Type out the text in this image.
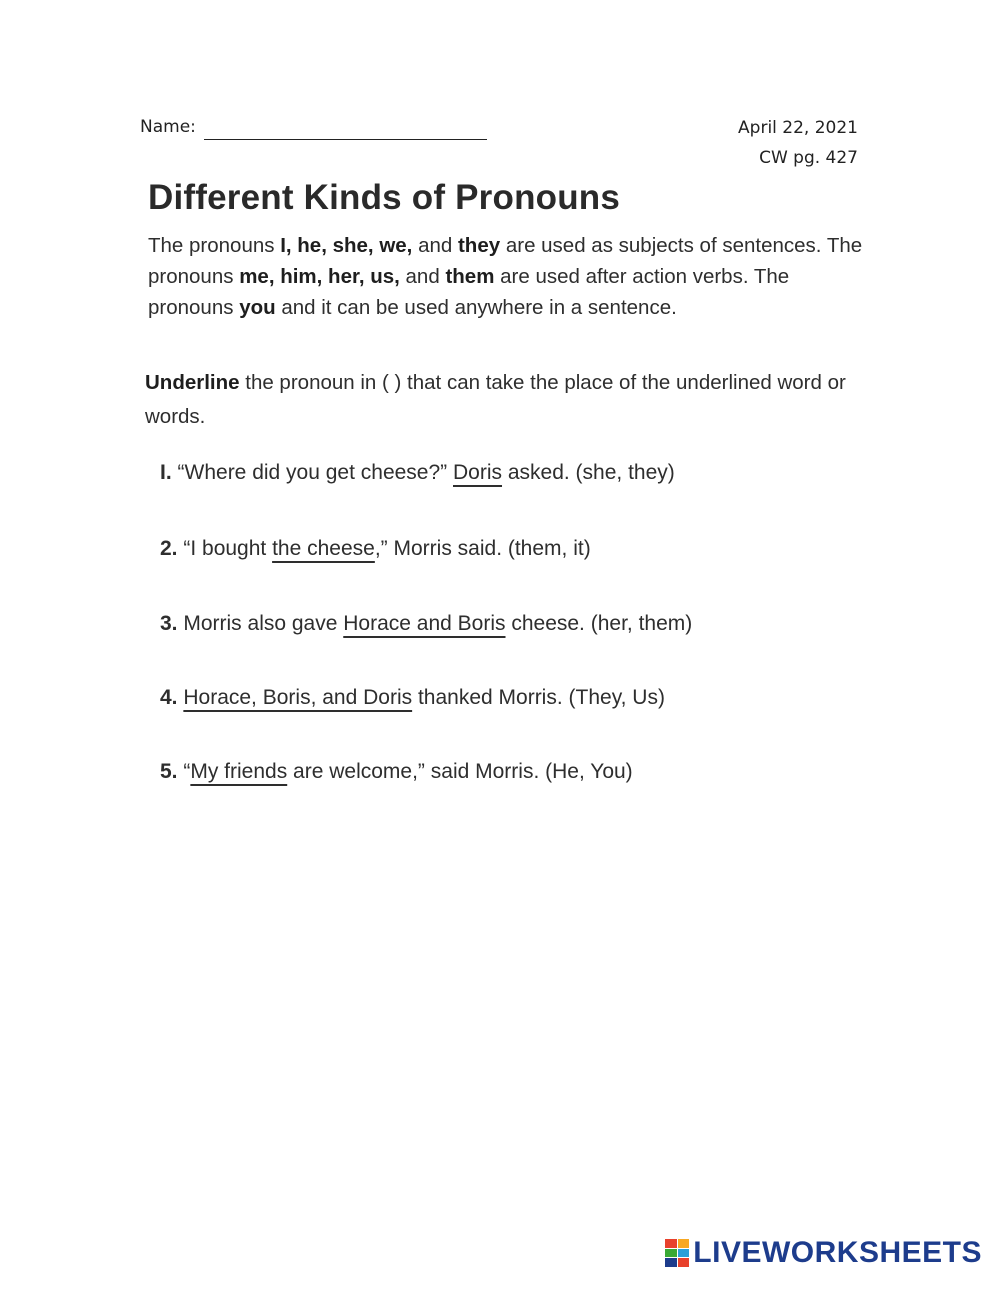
Name:	April 22, 2021
CW pg. 427
Different Kinds of Pronouns
The pronouns I, he, she, we, and they are used as subjects of sentences. The pronouns me, him, her, us, and them are used after action verbs. The pronouns you and it can be used anywhere in a sentence.
Underline the pronoun in ( ) that can take the place of the underlined word or words.
I. “Where did you get cheese?” Doris asked. (she, they)
2. “I bought the cheese,” Morris said. (them, it)
3. Morris also gave Horace and Boris cheese. (her, them)
4. Horace, Boris, and Doris thanked Morris. (They, Us)
5. “My friends are welcome,” said Morris. (He, You)
LIVEWORKSHEETS
